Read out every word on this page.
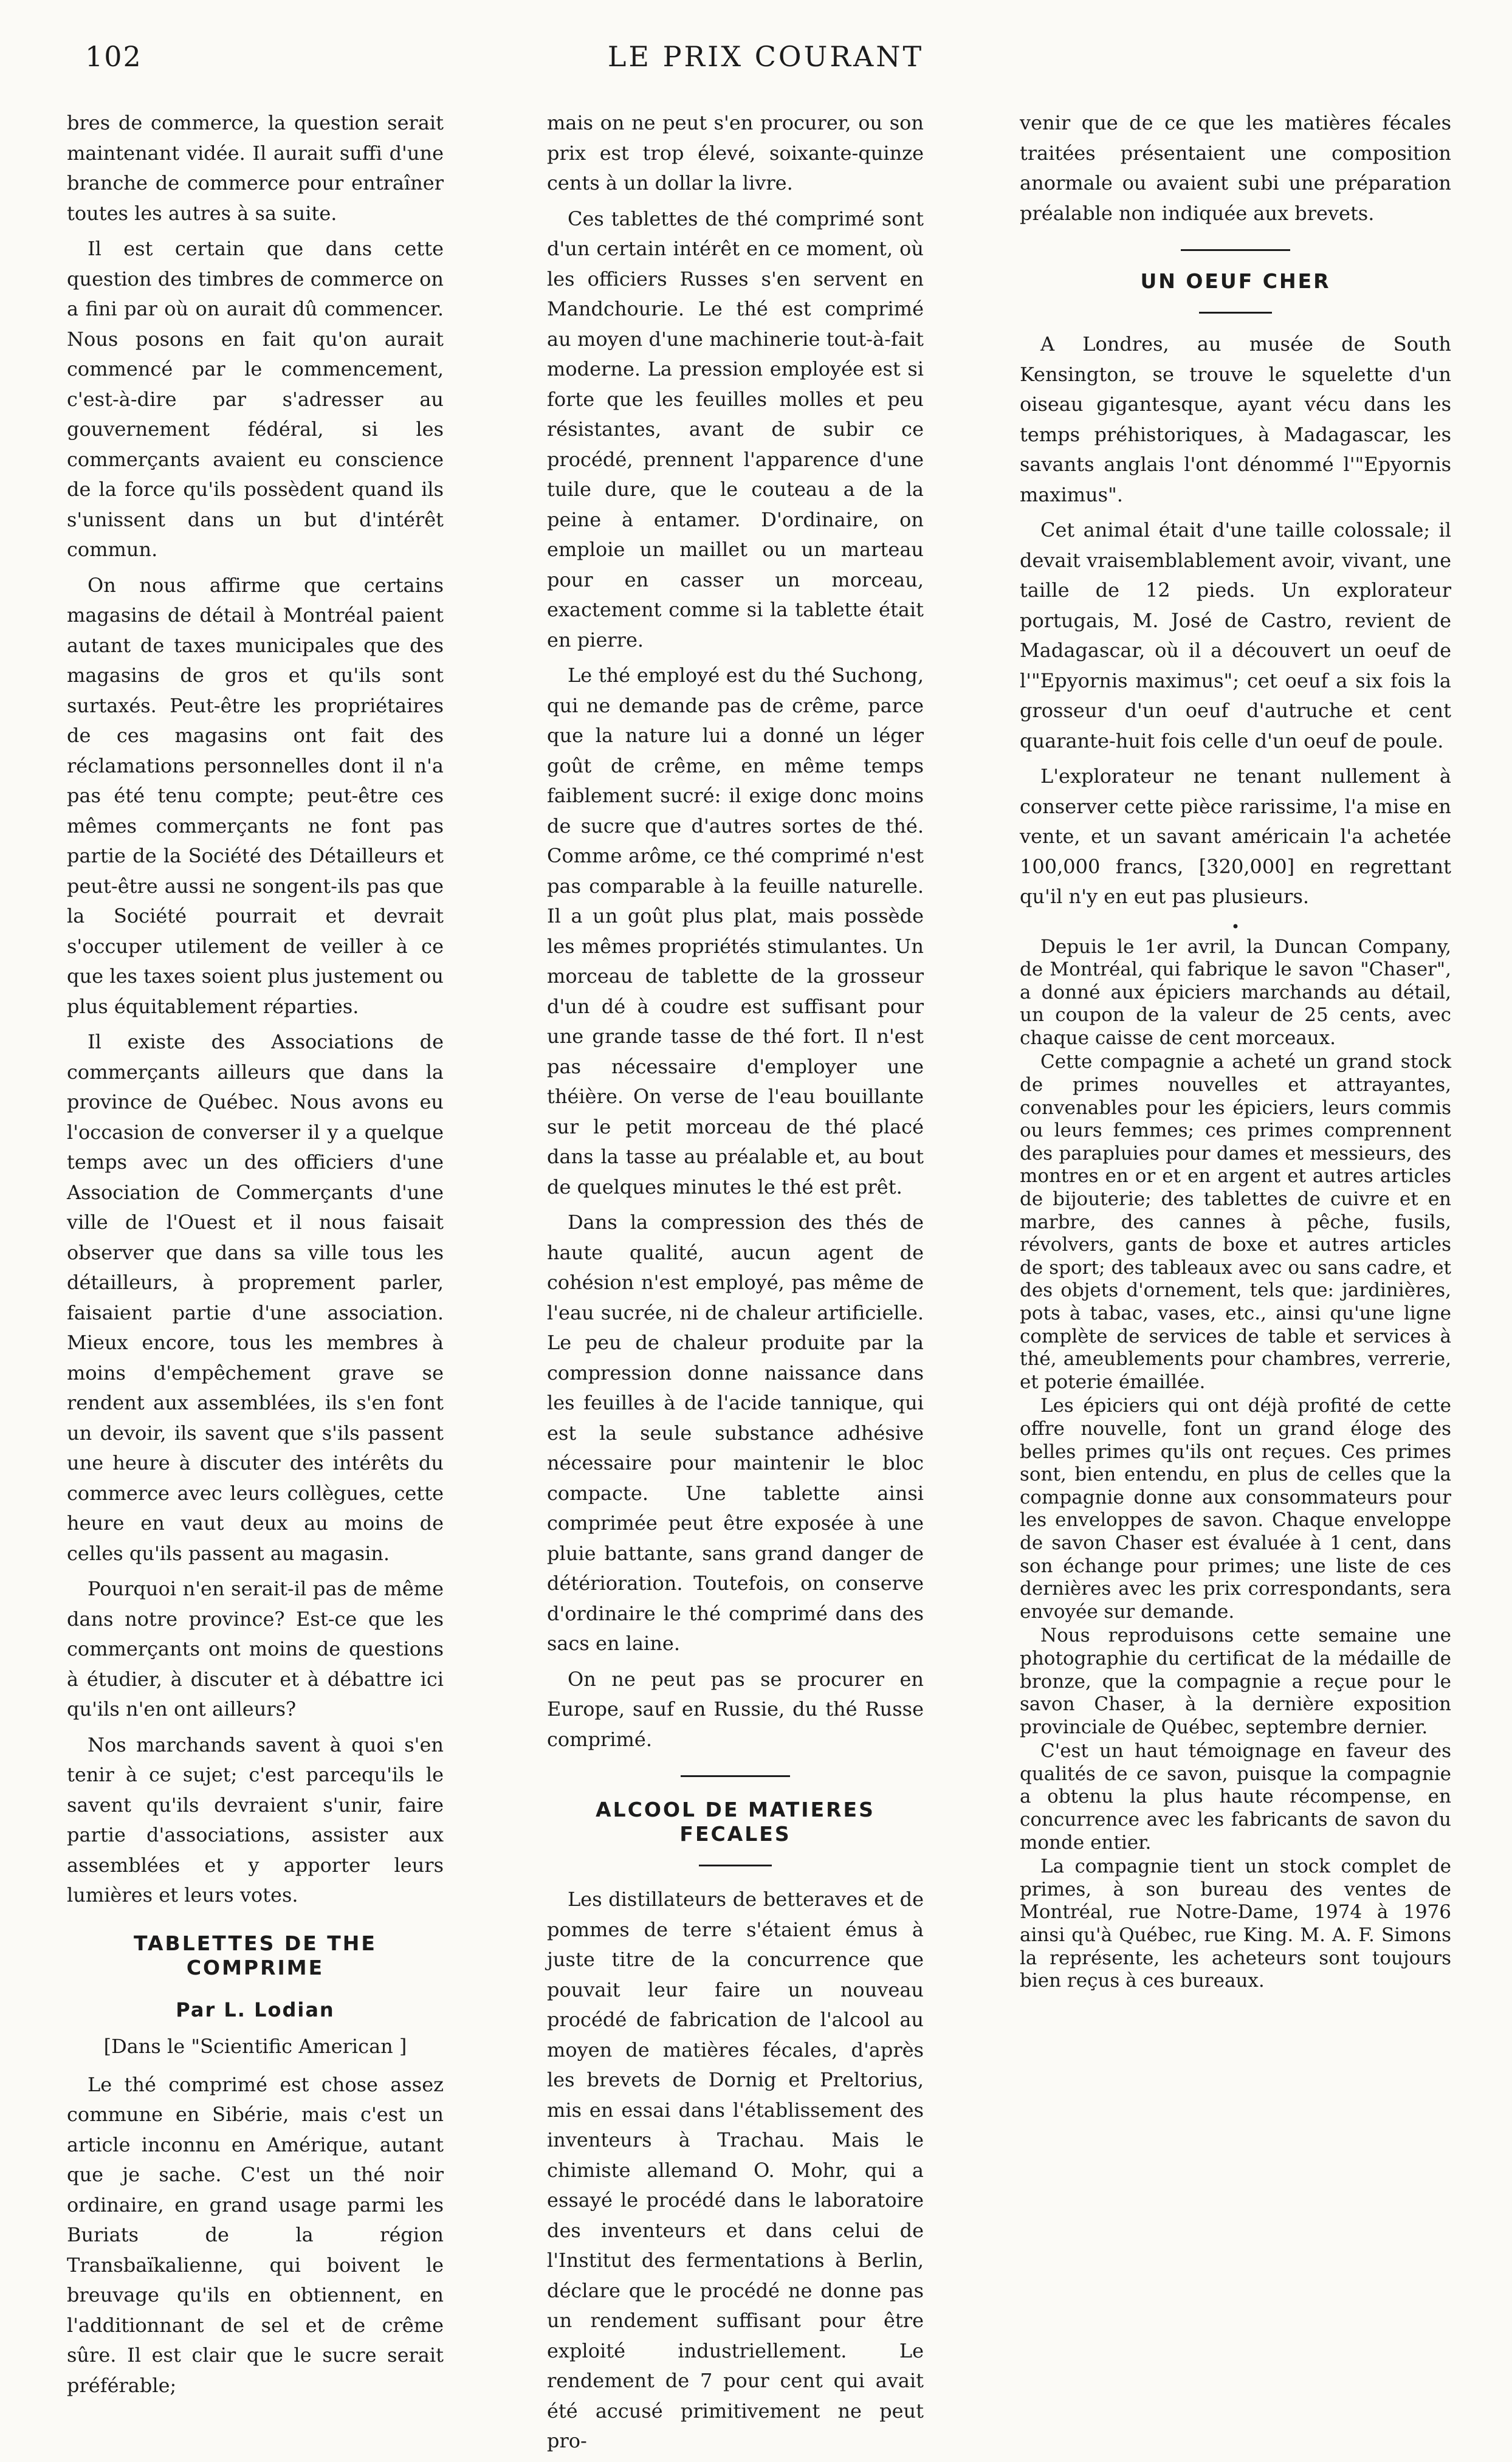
102	LE PRIX COURANT

bres de commerce, la question serait maintenant vidée. Il aurait suffi d'une branche de commerce pour entraîner toutes les autres à sa suite.

Il est certain que dans cette question des timbres de commerce on a fini par où on aurait dû commencer. Nous posons en fait qu'on aurait commencé par le commencement, c'est-à-dire par s'adresser au gouvernement fédéral, si les commerçants avaient eu conscience de la force qu'ils possèdent quand ils s'unissent dans un but d'intérêt commun.

On nous affirme que certains magasins de détail à Montréal paient autant de taxes municipales que des magasins de gros et qu'ils sont surtaxés. Peut-être les propriétaires de ces magasins ont fait des réclamations personnelles dont il n'a pas été tenu compte; peut-être ces mêmes commerçants ne font pas partie de la Société des Détailleurs et peut-être aussi ne songent-ils pas que la Société pourrait et devrait s'occuper utilement de veiller à ce que les taxes soient plus justement ou plus équitablement réparties.

Il existe des Associations de commerçants ailleurs que dans la province de Québec. Nous avons eu l'occasion de converser il y a quelque temps avec un des officiers d'une Association de Commerçants d'une ville de l'Ouest et il nous faisait observer que dans sa ville tous les détailleurs, à proprement parler, faisaient partie d'une association. Mieux encore, tous les membres à moins d'empêchement grave se rendent aux assemblées, ils s'en font un devoir, ils savent que s'ils passent une heure à discuter des intérêts du commerce avec leurs collègues, cette heure en vaut deux au moins de celles qu'ils passent au magasin.

Pourquoi n'en serait-il pas de même dans notre province? Est-ce que les commerçants ont moins de questions à étudier, à discuter et à débattre ici qu'ils n'en ont ailleurs?

Nos marchands savent à quoi s'en tenir à ce sujet; c'est parcequ'ils le savent qu'ils devraient s'unir, faire partie d'associations, assister aux assemblées et y apporter leurs lumières et leurs votes.

TABLETTES DE THE COMPRIME
Par L. Lodian
[Dans le "Scientific American ]

Le thé comprimé est chose assez commune en Sibérie, mais c'est un article inconnu en Amérique, autant que je sache. C'est un thé noir ordinaire, en grand usage parmi les Buriats de la région Transbaïkalienne, qui boivent le breuvage qu'ils en obtiennent, en l'additionnant de sel et de crême sûre. Il est clair que le sucre serait préférable;

mais on ne peut s'en procurer, ou son prix est trop élevé, soixante-quinze cents à un dollar la livre.

Ces tablettes de thé comprimé sont d'un certain intérêt en ce moment, où les officiers Russes s'en servent en Mandchourie. Le thé est comprimé au moyen d'une machinerie tout-à-fait moderne. La pression employée est si forte que les feuilles molles et peu résistantes, avant de subir ce procédé, prennent l'apparence d'une tuile dure, que le couteau a de la peine à entamer. D'ordinaire, on emploie un maillet ou un marteau pour en casser un morceau, exactement comme si la tablette était en pierre.

Le thé employé est du thé Suchong, qui ne demande pas de crême, parce que la nature lui a donné un léger goût de crême, en même temps faiblement sucré: il exige donc moins de sucre que d'autres sortes de thé. Comme arôme, ce thé comprimé n'est pas comparable à la feuille naturelle. Il a un goût plus plat, mais possède les mêmes propriétés stimulantes. Un morceau de tablette de la grosseur d'un dé à coudre est suffisant pour une grande tasse de thé fort. Il n'est pas nécessaire d'employer une théière. On verse de l'eau bouillante sur le petit morceau de thé placé dans la tasse au préalable et, au bout de quelques minutes le thé est prêt.

Dans la compression des thés de haute qualité, aucun agent de cohésion n'est employé, pas même de l'eau sucrée, ni de chaleur artificielle. Le peu de chaleur produite par la compression donne naissance dans les feuilles à de l'acide tannique, qui est la seule substance adhésive nécessaire pour maintenir le bloc compacte. Une tablette ainsi comprimée peut être exposée à une pluie battante, sans grand danger de détérioration. Toutefois, on conserve d'ordinaire le thé comprimé dans des sacs en laine.

On ne peut pas se procurer en Europe, sauf en Russie, du thé Russe comprimé.

ALCOOL DE MATIERES FECALES

Les distillateurs de betteraves et de pommes de terre s'étaient émus à juste titre de la concurrence que pouvait leur faire un nouveau procédé de fabrication de l'alcool au moyen de matières fécales, d'après les brevets de Dornig et Preltorius, mis en essai dans l'établissement des inventeurs à Trachau. Mais le chimiste allemand O. Mohr, qui a essayé le procédé dans le laboratoire des inventeurs et dans celui de l'Institut des fermentations à Berlin, déclare que le procédé ne donne pas un rendement suffisant pour être exploité industriellement. Le rendement de 7 pour cent qui avait été accusé primitivement ne peut pro-

venir que de ce que les matières fécales traitées présentaient une composition anormale ou avaient subi une préparation préalable non indiquée aux brevets.

UN OEUF CHER

A Londres, au musée de South Kensington, se trouve le squelette d'un oiseau gigantesque, ayant vécu dans les temps préhistoriques, à Madagascar, les savants anglais l'ont dénommé l'"Epyornis maximus".

Cet animal était d'une taille colossale; il devait vraisemblablement avoir, vivant, une taille de 12 pieds. Un explorateur portugais, M. José de Castro, revient de Madagascar, où il a découvert un oeuf de l'"Epyornis maximus"; cet oeuf a six fois la grosseur d'un oeuf d'autruche et cent quarante-huit fois celle d'un oeuf de poule.

L'explorateur ne tenant nullement à conserver cette pièce rarissime, l'a mise en vente, et un savant américain l'a achetée 100,000 francs, [320,000] en regrettant qu'il n'y en eut pas plusieurs.

•

Depuis le 1er avril, la Duncan Company, de Montréal, qui fabrique le savon "Chaser", a donné aux épiciers marchands au détail, un coupon de la valeur de 25 cents, avec chaque caisse de cent morceaux.

Cette compagnie a acheté un grand stock de primes nouvelles et attrayantes, convenables pour les épiciers, leurs commis ou leurs femmes; ces primes comprennent des parapluies pour dames et messieurs, des montres en or et en argent et autres articles de bijouterie; des tablettes de cuivre et en marbre, des cannes à pêche, fusils, révolvers, gants de boxe et autres articles de sport; des tableaux avec ou sans cadre, et des objets d'ornement, tels que: jardinières, pots à tabac, vases, etc., ainsi qu'une ligne complète de services de table et services à thé, ameublements pour chambres, verrerie, et poterie émaillée.

Les épiciers qui ont déjà profité de cette offre nouvelle, font un grand éloge des belles primes qu'ils ont reçues. Ces primes sont, bien entendu, en plus de celles que la compagnie donne aux consommateurs pour les enveloppes de savon. Chaque enveloppe de savon Chaser est évaluée à 1 cent, dans son échange pour primes; une liste de ces dernières avec les prix correspondants, sera envoyée sur demande.

Nous reproduisons cette semaine une photographie du certificat de la médaille de bronze, que la compagnie a reçue pour le savon Chaser, à la dernière exposition provinciale de Québec, septembre dernier.

C'est un haut témoignage en faveur des qualités de ce savon, puisque la compagnie a obtenu la plus haute récompense, en concurrence avec les fabricants de savon du monde entier.

La compagnie tient un stock complet de primes, à son bureau des ventes de Montréal, rue Notre-Dame, 1974 à 1976 ainsi qu'à Québec, rue King. M. A. F. Simons la représente, les acheteurs sont toujours bien reçus à ces bureaux.
